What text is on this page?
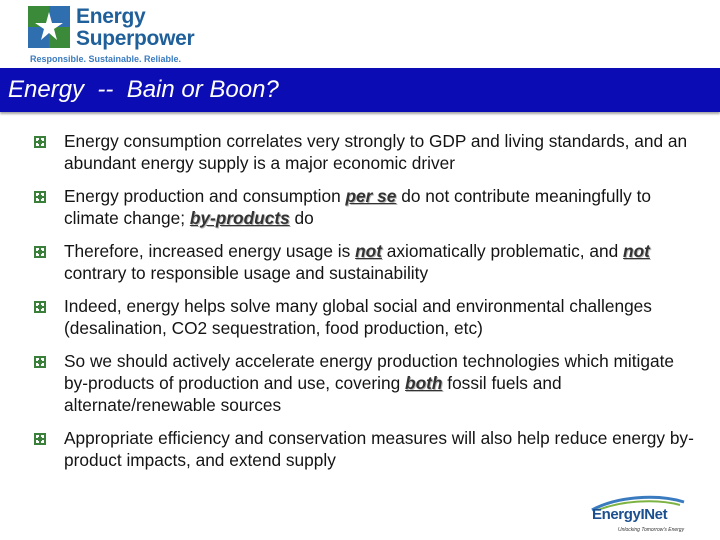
Energy
Superpower
Responsible. Sustainable. Reliable.
Energy  --  Bain or Boon?
Energy consumption correlates very strongly to GDP and living standards, and an abundant energy supply is a major economic driver
Energy production and consumption per se do not contribute meaningfully to climate change; by-products do
Therefore, increased energy usage is not axiomatically problematic, and not contrary to responsible usage and sustainability
Indeed, energy helps solve many global social and environmental challenges (desalination, CO2 sequestration, food production, etc)
So we should actively accelerate energy production technologies which mitigate by-products of production and use, covering both fossil fuels and alternate/renewable sources
Appropriate efficiency and conservation measures will also help reduce energy by-product impacts, and extend supply
EnergyINet
Unlocking Tomorrow's Energy
